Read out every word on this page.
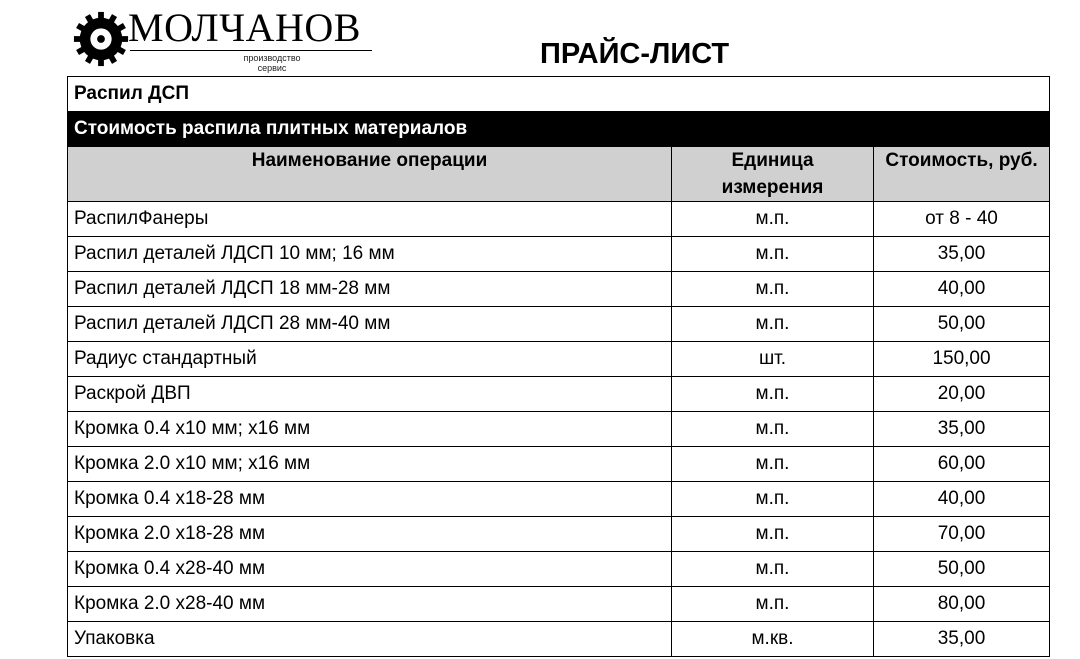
МОЛЧАНОВ
производство
сервис	ПРАЙС-ЛИСТ
Распил ДСП		
Стоимость распила плитных материалов		
Наименование операции	Единица измерения	Стоимость, руб.
РаспилФанеры	м.п.	от 8 - 40
Распил деталей ЛДСП 10 мм; 16 мм	м.п.	35,00
Распил деталей ЛДСП 18 мм-28 мм	м.п.	40,00
Распил деталей ЛДСП 28 мм-40 мм	м.п.	50,00
Радиус стандартный	шт.	150,00
Раскрой ДВП	м.п.	20,00
Кромка 0.4 х10 мм; х16 мм	м.п.	35,00
Кромка 2.0 х10 мм; х16 мм	м.п.	60,00
Кромка 0.4 х18-28 мм	м.п.	40,00
Кромка 2.0 х18-28 мм	м.п.	70,00
Кромка 0.4 х28-40 мм	м.п.	50,00
Кромка 2.0 х28-40 мм	м.п.	80,00
Упаковка	м.кв.	35,00
